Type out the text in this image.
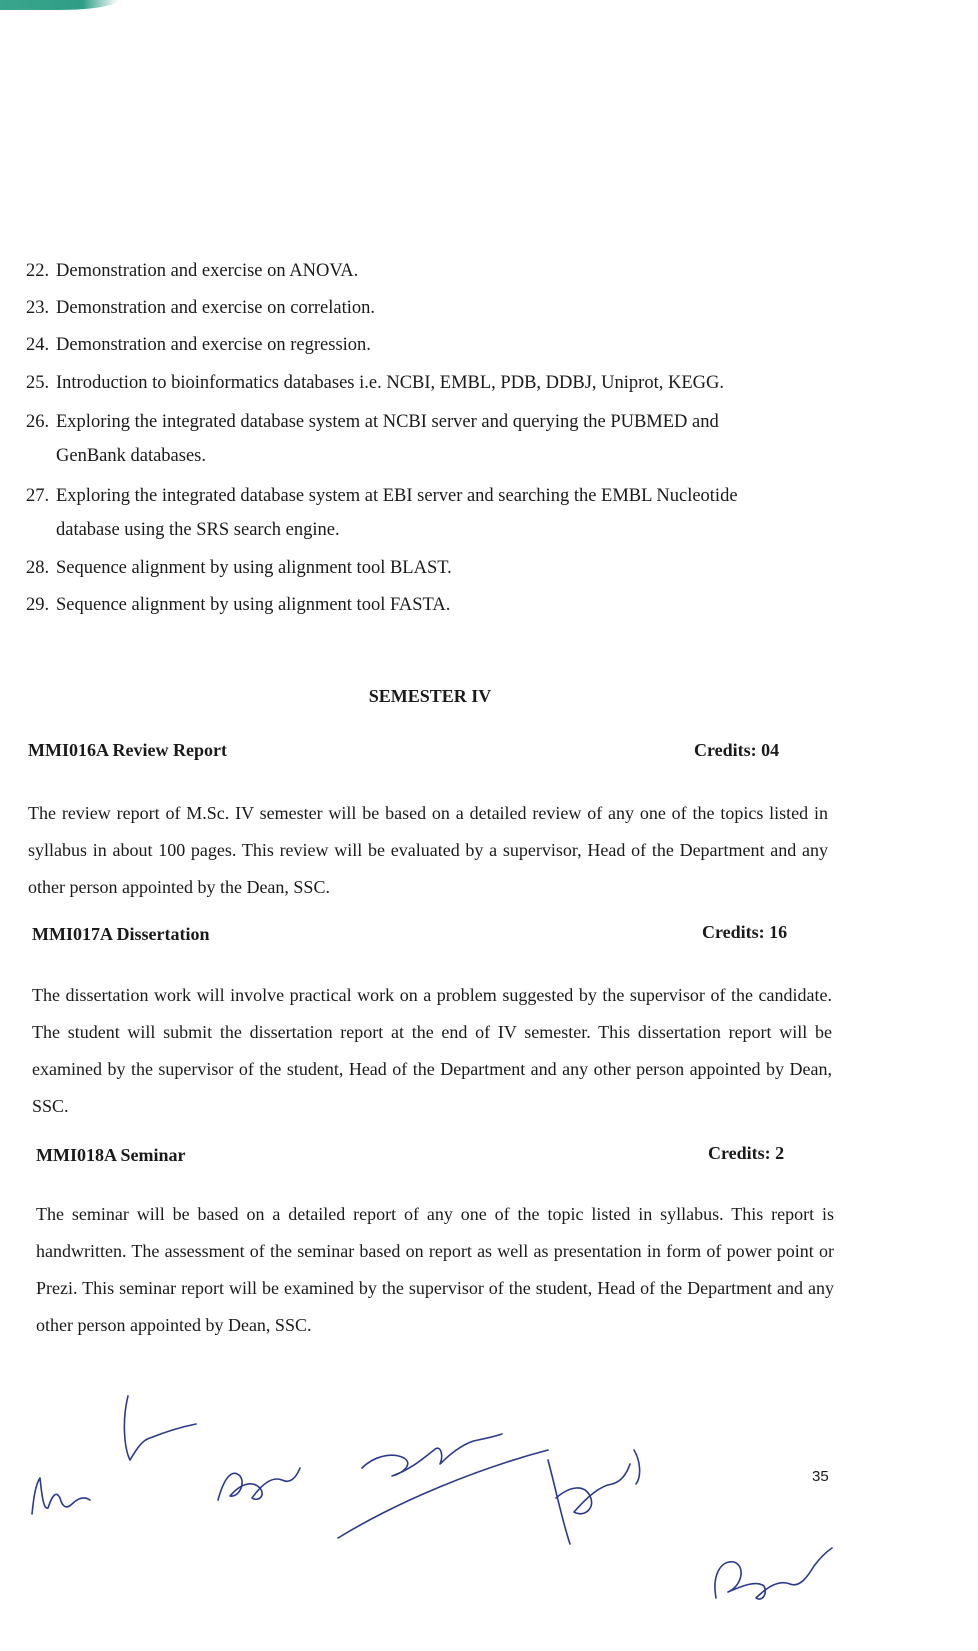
22. Demonstration and exercise on ANOVA.
23. Demonstration and exercise on correlation.
24. Demonstration and exercise on regression.
25. Introduction to bioinformatics databases i.e. NCBI, EMBL, PDB, DDBJ, Uniprot, KEGG.
26. Exploring the integrated database system at NCBI server and querying the PUBMED and
GenBank databases.
27. Exploring the integrated database system at EBI server and searching the EMBL Nucleotide
database using the SRS search engine.
28. Sequence alignment by using alignment tool BLAST.
29. Sequence alignment by using alignment tool FASTA.
SEMESTER IV
MMI016A Review Report	Credits: 04
The review report of M.Sc. IV semester will be based on a detailed review of any one of the topics listed in syllabus in about 100 pages. This review will be evaluated by a supervisor, Head of the Department and any other person appointed by the Dean, SSC.
MMI017A Dissertation	Credits: 16
The dissertation work will involve practical work on a problem suggested by the supervisor of the candidate. The student will submit the dissertation report at the end of IV semester. This dissertation report will be examined by the supervisor of the student, Head of the Department and any other person appointed by Dean, SSC.
MMI018A Seminar	Credits: 2
The seminar will be based on a detailed report of any one of the topic listed in syllabus. This report is handwritten. The assessment of the seminar based on report as well as presentation in form of power point or Prezi. This seminar report will be examined by the supervisor of the student, Head of the Department and any other person appointed by Dean, SSC.
35
